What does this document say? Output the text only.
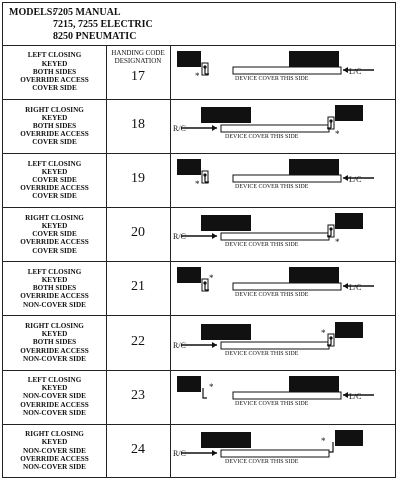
MODELS:
7205 MANUAL
7215, 7255 ELECTRIC
8250 PNEUMATIC
LEFT CLOSING
KEYED
BOTH SIDES
OVERRIDE ACCESS
COVER SIDE
HANDING CODE
DESIGNATION
17	DEVICE COVER THIS SIDE
L/C
*
RIGHT CLOSING
KEYED
BOTH SIDES
OVERRIDE ACCESS
COVER SIDE
18
DEVICE COVER THIS SIDE
R/C
*
LEFT CLOSING
KEYED
COVER SIDE
OVERRIDE ACCESS
COVER SIDE
19
DEVICE COVER THIS SIDE
L/C
*
RIGHT CLOSING
KEYED
COVER SIDE
OVERRIDE ACCESS
COVER SIDE
20
DEVICE COVER THIS SIDE
R/C
*
LEFT CLOSING
KEYED
BOTH SIDES
OVERRIDE ACCESS
NON-COVER SIDE
21
DEVICE COVER THIS SIDE
L/C
*
RIGHT CLOSING
KEYED
BOTH SIDES
OVERRIDE ACCESS
NON-COVER SIDE
22
DEVICE COVER THIS SIDE
R/C
*
LEFT CLOSING
KEYED
NON-COVER SIDE
OVERRIDE ACCESS
NON-COVER SIDE
23
DEVICE COVER THIS SIDE
L/C
*
RIGHT CLOSING
KEYED
NON-COVER SIDE
OVERRIDE ACCESS
NON-COVER SIDE
24
DEVICE COVER THIS SIDE
R/C
*
